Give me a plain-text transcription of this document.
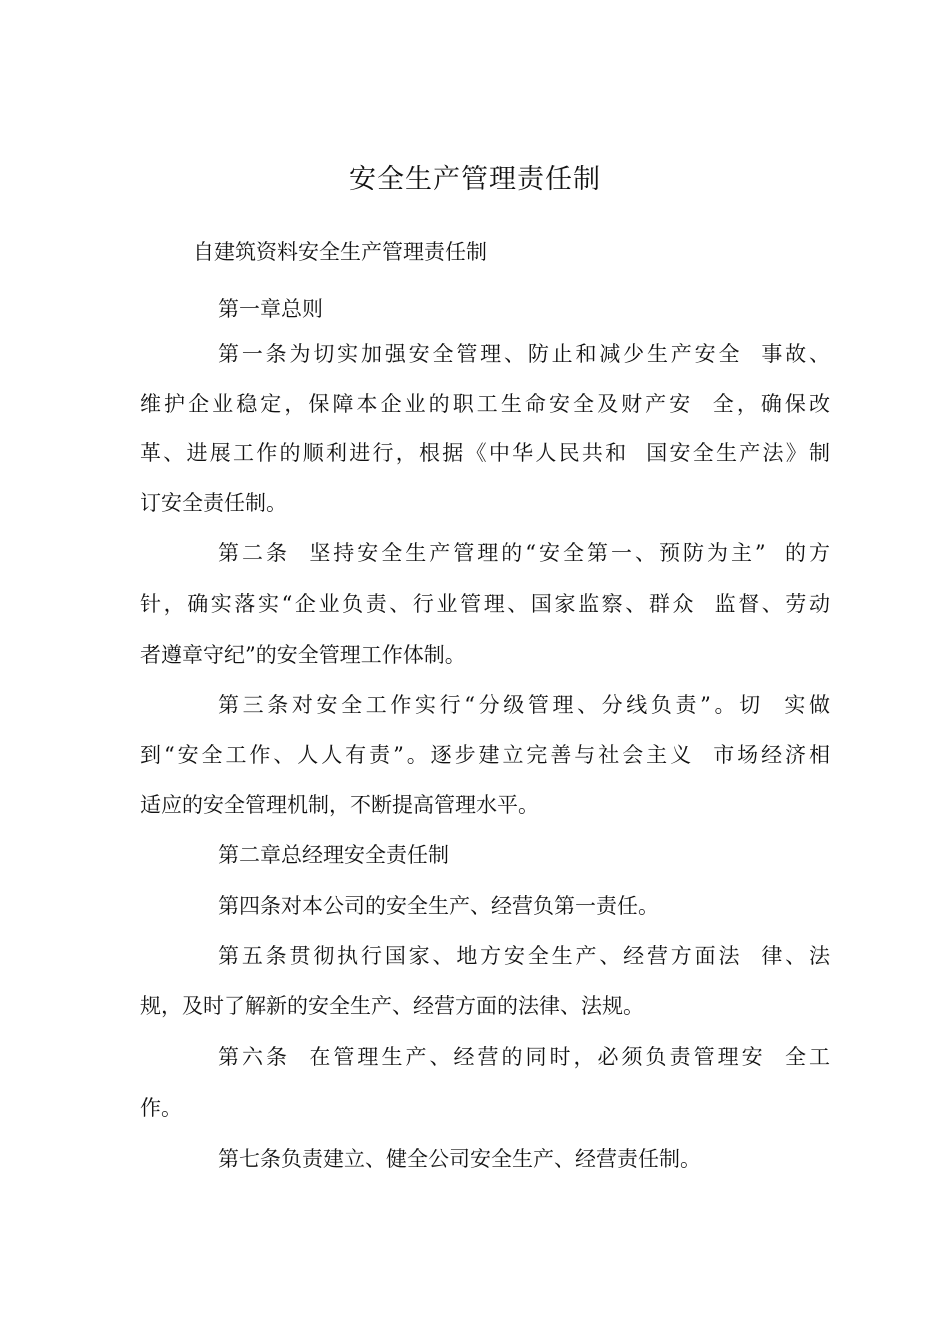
安全生产管理责任制
自建筑资料安全生产管理责任制
第一章总则
第一条为切实加强安全管理、防止和减少生产安全  事故、
维护企业稳定，保障本企业的职工生命安全及财产安  全，确保改
革、进展工作的顺利进行，根据《中华人民共和  国安全生产法》制
订安全责任制。
第二条  坚持安全生产管理的“安全第一、预防为主”  的方
针，确实落实“企业负责、行业管理、国家监察、群众  监督、劳动
者遵章守纪”的安全管理工作体制。
第三条对安全工作实行“分级管理、分线负责”。切  实做
到“安全工作、人人有责”。逐步建立完善与社会主义  市场经济相
适应的安全管理机制，不断提高管理水平。
第二章总经理安全责任制
第四条对本公司的安全生产、经营负第一责任。
第五条贯彻执行国家、地方安全生产、经营方面法  律、法
规，及时了解新的安全生产、经营方面的法律、法规。
第六条  在管理生产、经营的同时，必须负责管理安  全工
作。
第七条负责建立、健全公司安全生产、经营责任制。
